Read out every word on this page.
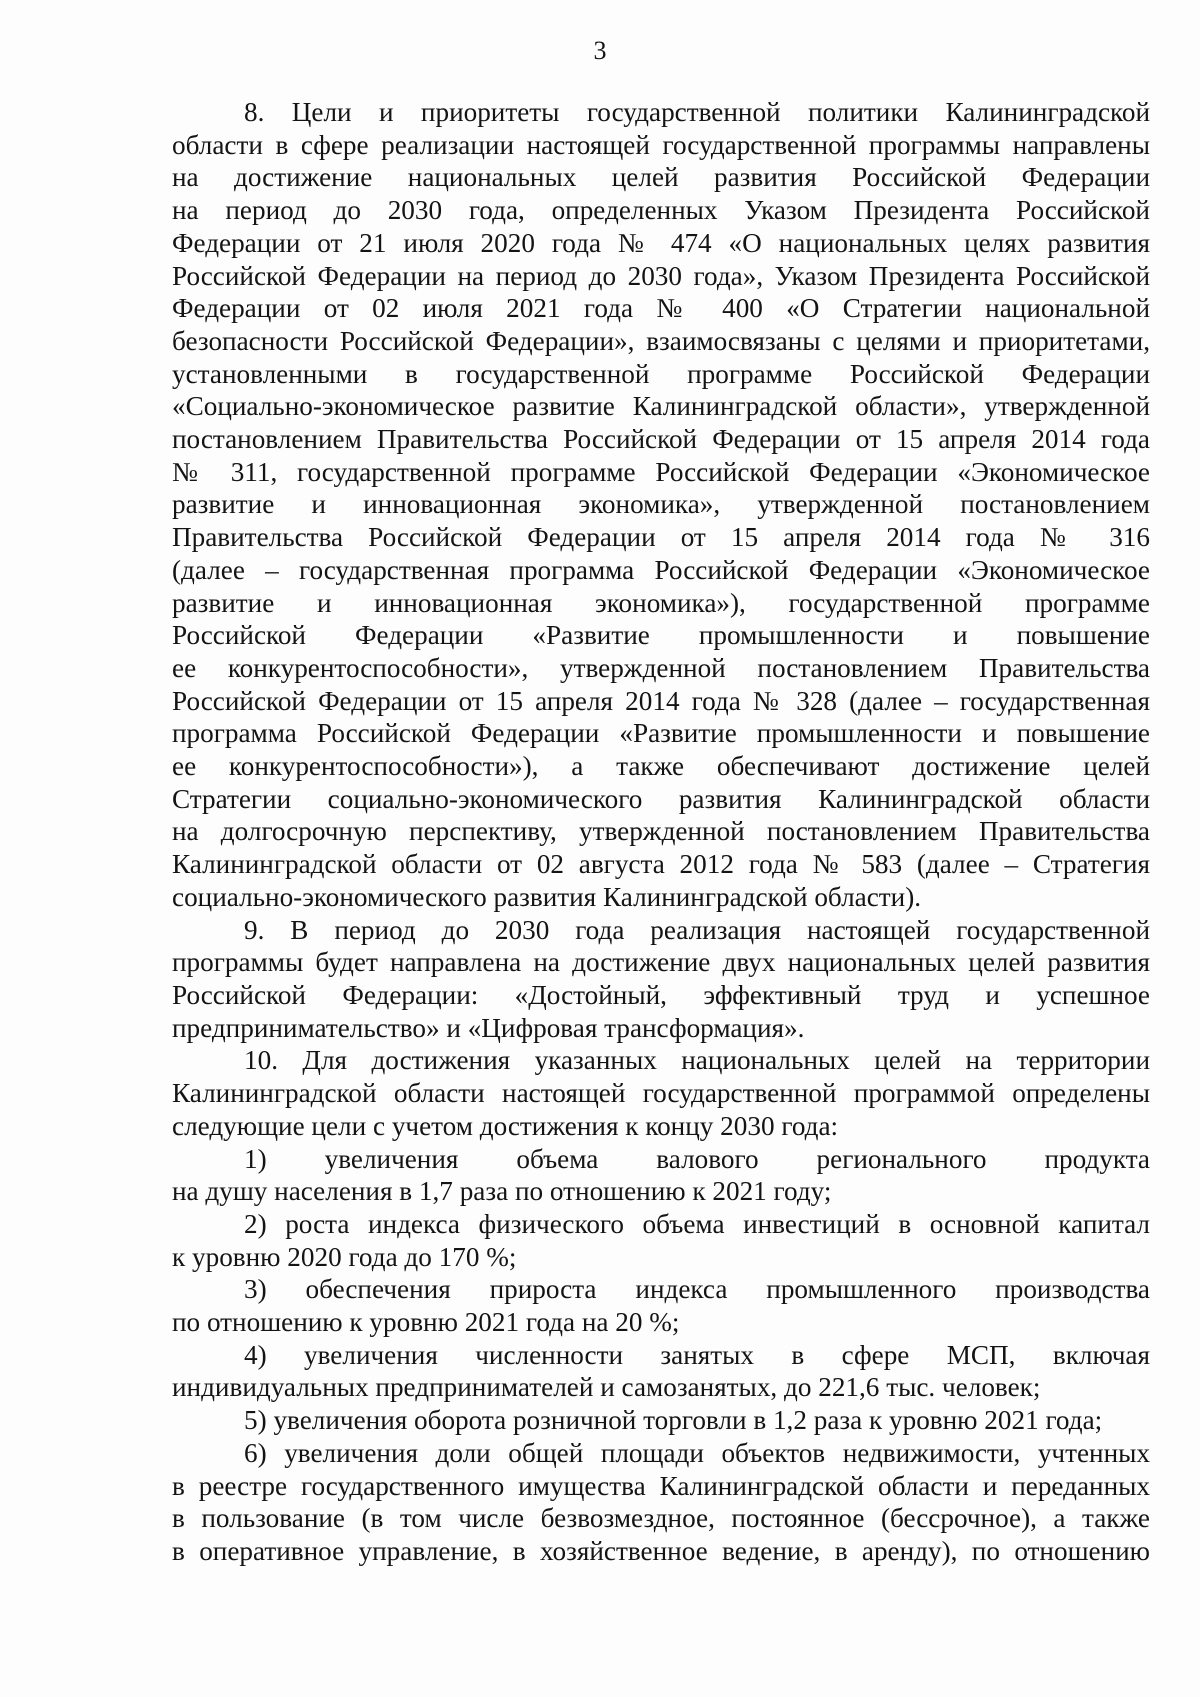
3
8. Цели и приоритеты государственной политики Калининградской
области в сфере реализации настоящей государственной программы направлены
на достижение национальных целей развития Российской Федерации
на период до 2030 года, определенных Указом Президента Российской
Федерации от 21 июля 2020 года № 474 «О национальных целях развития
Российской Федерации на период до 2030 года», Указом Президента Российской
Федерации от 02 июля 2021 года № 400 «О Стратегии национальной
безопасности Российской Федерации», взаимосвязаны с целями и приоритетами,
установленными в государственной программе Российской Федерации
«Социально-экономическое развитие Калининградской области», утвержденной
постановлением Правительства Российской Федерации от 15 апреля 2014 года
№ 311, государственной программе Российской Федерации «Экономическое
развитие и инновационная экономика», утвержденной постановлением
Правительства Российской Федерации от 15 апреля 2014 года № 316
(далее – государственная программа Российской Федерации «Экономическое
развитие и инновационная экономика»), государственной программе
Российской Федерации «Развитие промышленности и повышение
ее конкурентоспособности», утвержденной постановлением Правительства
Российской Федерации от 15 апреля 2014 года № 328 (далее – государственная
программа Российской Федерации «Развитие промышленности и повышение
ее конкурентоспособности»), а также обеспечивают достижение целей
Стратегии социально-экономического развития Калининградской области
на долгосрочную перспективу, утвержденной постановлением Правительства
Калининградской области от 02 августа 2012 года № 583 (далее – Стратегия
социально-экономического развития Калининградской области).
9. В период до 2030 года реализация настоящей государственной
программы будет направлена на достижение двух национальных целей развития
Российской Федерации: «Достойный, эффективный труд и успешное
предпринимательство» и «Цифровая трансформация».
10. Для достижения указанных национальных целей на территории
Калининградской области настоящей государственной программой определены
следующие цели с учетом достижения к концу 2030 года:
1) увеличения объема валового регионального продукта
на душу населения в 1,7 раза по отношению к 2021 году;
2) роста индекса физического объема инвестиций в основной капитал
к уровню 2020 года до 170 %;
3) обеспечения прироста индекса промышленного производства
по отношению к уровню 2021 года на 20 %;
4) увеличения численности занятых в сфере МСП, включая
индивидуальных предпринимателей и самозанятых, до 221,6 тыс. человек;
5) увеличения оборота розничной торговли в 1,2 раза к уровню 2021 года;
6) увеличения доли общей площади объектов недвижимости, учтенных
в реестре государственного имущества Калининградской области и переданных
в пользование (в том числе безвозмездное, постоянное (бессрочное), а также
в оперативное управление, в хозяйственное ведение, в аренду), по отношению
